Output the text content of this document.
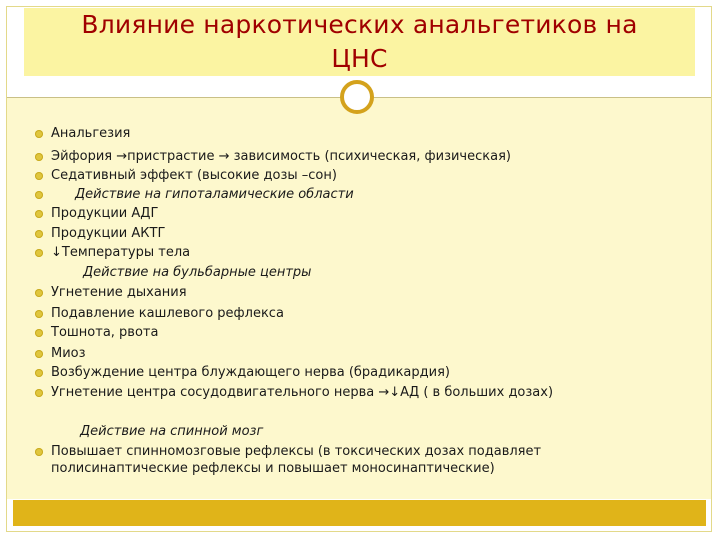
Влияние наркотических анальгетиков на
ЦНС
Анальгезия
Эйфория →пристрастие → зависимость (психическая, физическая)
Седативный эффект (высокие дозы –сон)
Действие на гипоталамические области
Продукции АДГ
Продукции АКТГ
↓Температуры тела
Действие на бульбарные центры
Угнетение дыхания
Подавление кашлевого рефлекса
Тошнота, рвота
Миоз
Возбуждение центра блуждающего нерва (брадикардия)
Угнетение центра сосудодвигательного нерва →↓АД ( в больших дозах)
Действие на спинной мозг
Повышает спинномозговые рефлексы (в токсических дозах подавляет
полисинаптические рефлексы и повышает моносинаптические)
